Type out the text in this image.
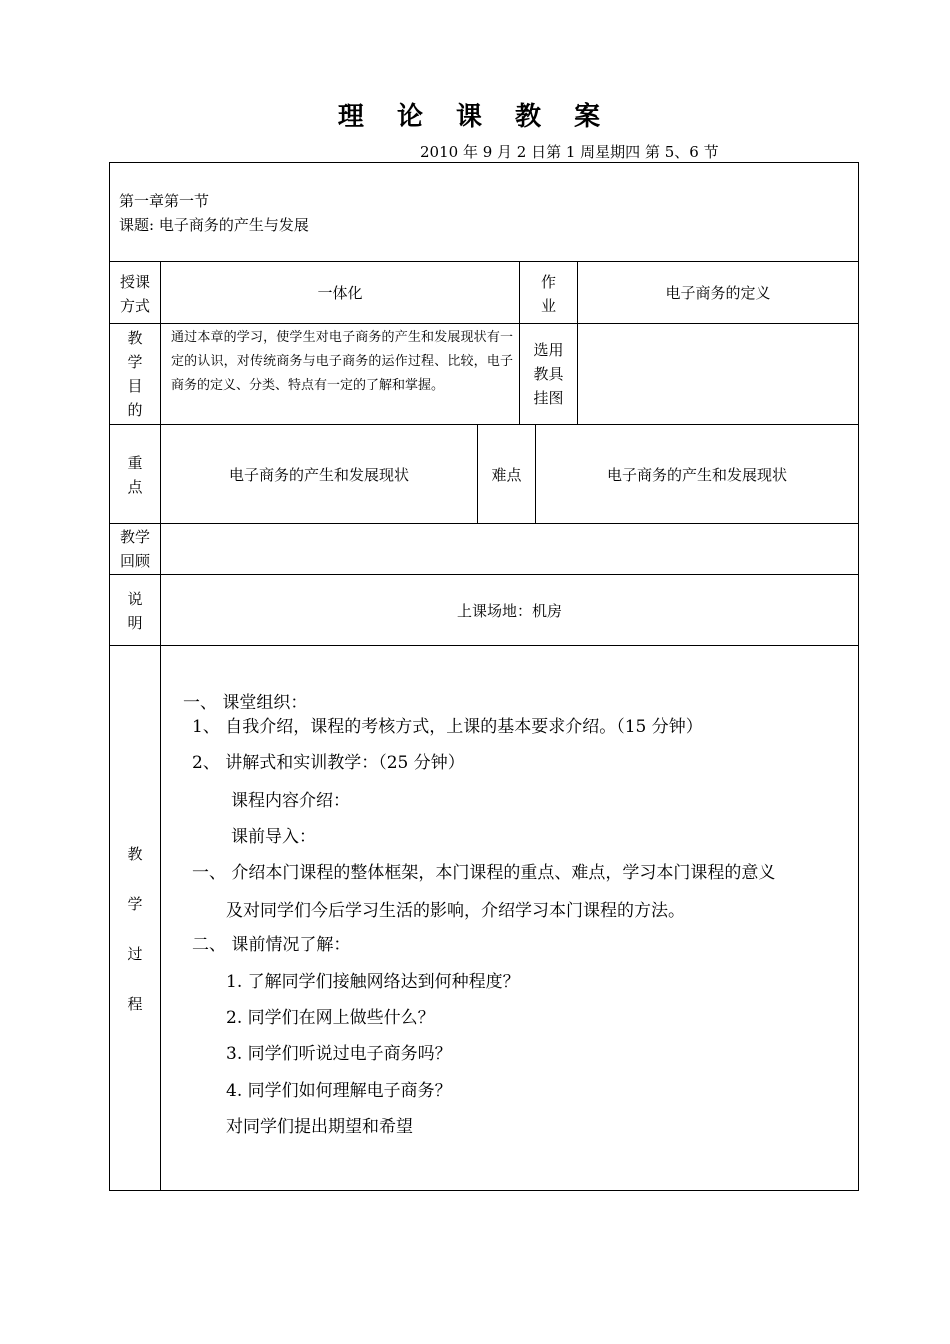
理 论 课 教 案
2010 年 9 月 2 日第 1 周星期四 第 5、6 节
第一章第一节
课题: 电子商务的产生与发展
授课
方式
一体化
作
业
电子商务的定义
教
学
目
的
通过本章的学习，使学生对电子商务的产生和发展现状有一定的认识，对传统商务与电子商务的运作过程、比较，电子商务的定义、分类、特点有一定的了解和掌握。
选用
教具
挂图
重
点
电子商务的产生和发展现状	难点	电子商务的产生和发展现状
教学
回顾
说
明
上课场地：机房
教
学
过
程
一、 课堂组织：
1、 自我介绍，课程的考核方式，上课的基本要求介绍。（15 分钟）
2、 讲解式和实训教学：（25 分钟）
课程内容介绍：
课前导入：
一、 介绍本门课程的整体框架，本门课程的重点、难点，学习本门课程的意义
及对同学们今后学习生活的影响，介绍学习本门课程的方法。
二、 课前情况了解：
1. 了解同学们接触网络达到何种程度？
2. 同学们在网上做些什么？
3. 同学们听说过电子商务吗？
4. 同学们如何理解电子商务？
对同学们提出期望和希望
